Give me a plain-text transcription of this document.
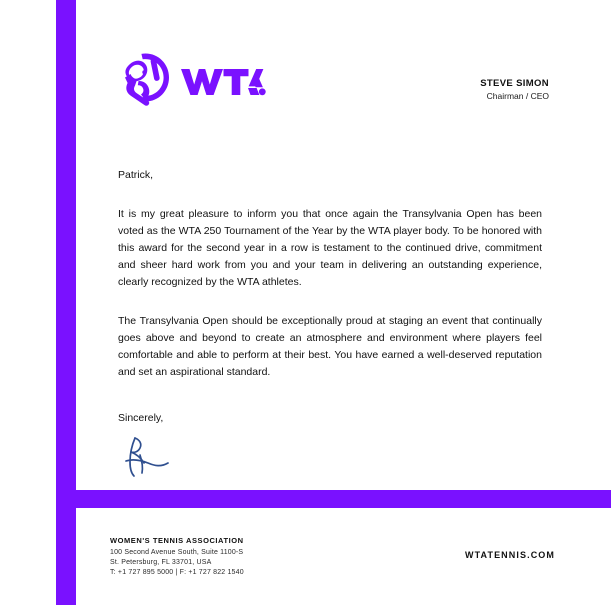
STEVE SIMON
Chairman / CEO

Patrick,

It is my great pleasure to inform you that once again the Transylvania Open has been voted as the WTA 250 Tournament of the Year by the WTA player body. To be honored with this award for the second year in a row is testament to the continued drive, commitment and sheer hard work from you and your team in delivering an outstanding experience, clearly recognized by the WTA athletes.

The Transylvania Open should be exceptionally proud at staging an event that continually goes above and beyond to create an atmosphere and environment where players feel comfortable and able to perform at their best. You have earned a well-deserved reputation and set an aspirational standard.

Sincerely,

WOMEN'S TENNIS ASSOCIATION
100 Second Avenue South, Suite 1100-S
St. Petersburg, FL 33701, USA
T: +1 727 895 5000 | F: +1 727 822 1540
WTATENNIS.COM
